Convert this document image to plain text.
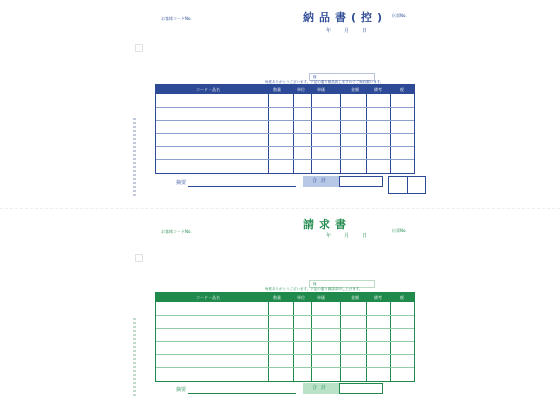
お客様コードNo.	納品書(控)
年　月　日
伝票No.
様
毎度ありがとうございます。下記の通り納品致しますのでご検収願います。
コード・品名	数量	単位	単価	金額	備考	税
摘要	合計

お客様コードNo.
請求書
年　月　日
伝票No.
様
毎度ありがとうございます。下記の通り御請求申し上げます。
コード・品名	数量	単位	単価	金額	備考	税
摘要	合計
